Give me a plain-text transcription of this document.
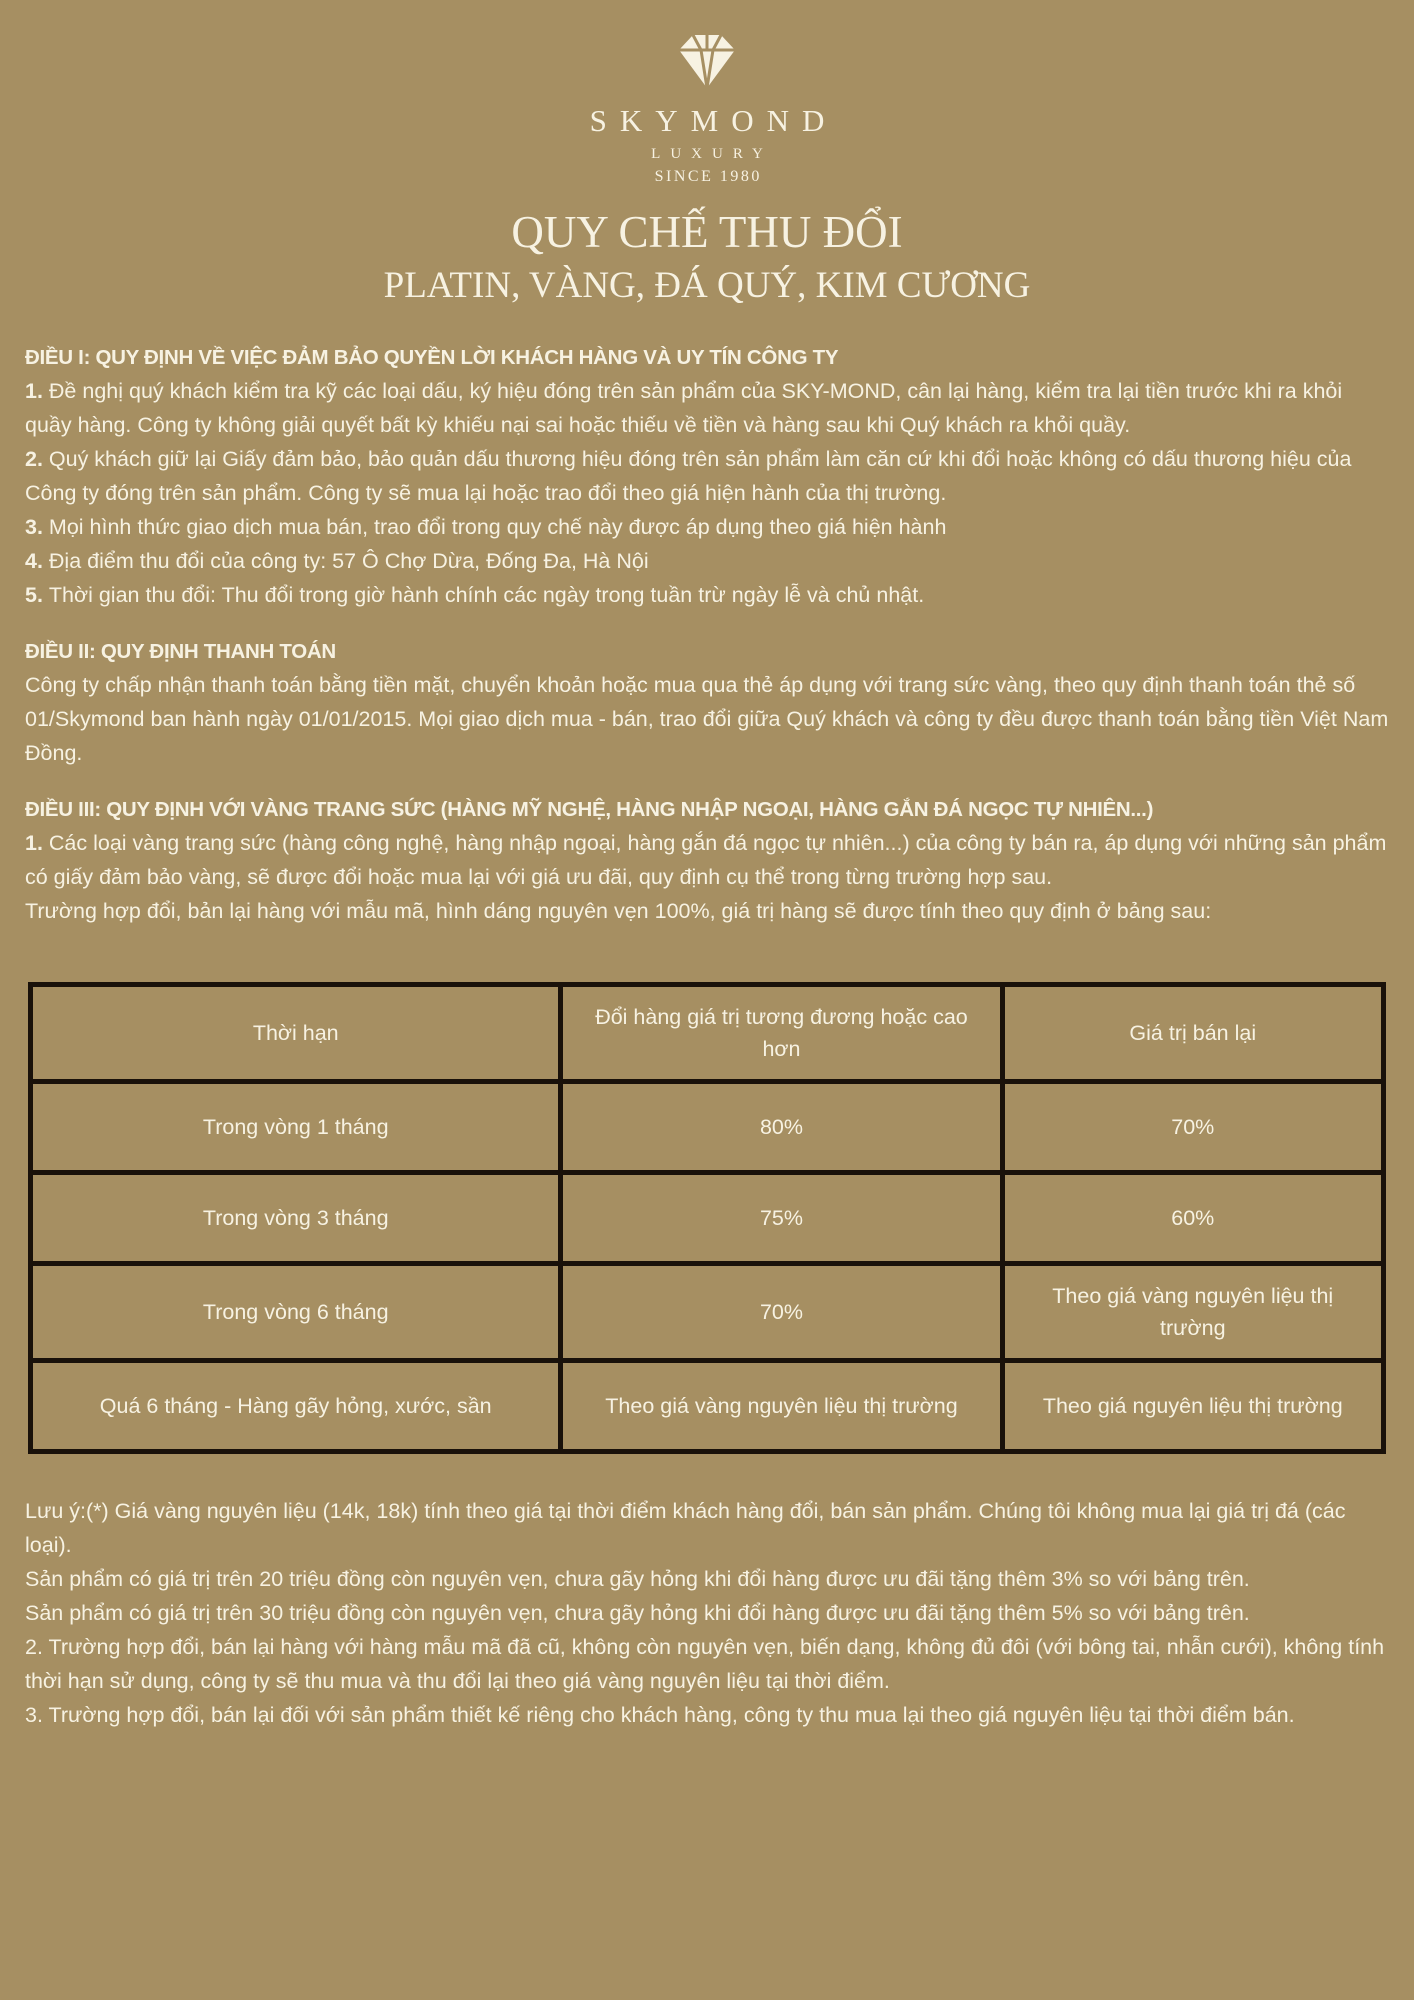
SKYMOND
LUXURY
SINCE 1980
QUY CHẾ THU ĐỔI
PLATIN, VÀNG, ĐÁ QUÝ, KIM CƯƠNG
ĐIỀU I: QUY ĐỊNH VỀ VIỆC ĐẢM BẢO QUYỀN LỜI KHÁCH HÀNG VÀ UY TÍN CÔNG TY

1. Đề nghị quý khách kiểm tra kỹ các loại dấu, ký hiệu đóng trên sản phẩm của SKY-MOND, cân lại hàng, kiểm tra lại tiền trước khi ra khỏi quầy hàng. Công ty không giải quyết bất kỳ khiếu nại sai hoặc thiếu về tiền và hàng sau khi Quý khách ra khỏi quầy.

2. Quý khách giữ lại Giấy đảm bảo, bảo quản dấu thương hiệu đóng trên sản phẩm làm căn cứ khi đổi hoặc không có dấu thương hiệu của Công ty đóng trên sản phẩm. Công ty sẽ mua lại hoặc trao đổi theo giá hiện hành của thị trường.

3. Mọi hình thức giao dịch mua bán, trao đổi trong quy chế này được áp dụng theo giá hiện hành

4. Địa điểm thu đổi của công ty: 57 Ô Chợ Dừa, Đống Đa, Hà Nội

5. Thời gian thu đổi: Thu đổi trong giờ hành chính các ngày trong tuần trừ ngày lễ và chủ nhật.

ĐIỀU II: QUY ĐỊNH THANH TOÁN

Công ty chấp nhận thanh toán bằng tiền mặt, chuyển khoản hoặc mua qua thẻ áp dụng với trang sức vàng, theo quy định thanh toán thẻ số 01/Skymond ban hành ngày 01/01/2015. Mọi giao dịch mua - bán, trao đổi giữa Quý khách và công ty đều được thanh toán bằng tiền Việt Nam Đồng.

ĐIỀU III: QUY ĐỊNH VỚI VÀNG TRANG SỨC (HÀNG MỸ NGHỆ, HÀNG NHẬP NGOẠI, HÀNG GẮN ĐÁ NGỌC TỰ NHIÊN...)

1. Các loại vàng trang sức (hàng công nghệ, hàng nhập ngoại, hàng gắn đá ngọc tự nhiên...) của công ty bán ra, áp dụng với những sản phẩm có giấy đảm bảo vàng, sẽ được đổi hoặc mua lại với giá ưu đãi, quy định cụ thể trong từng trường hợp sau.

Trường hợp đổi, bản lại hàng với mẫu mã, hình dáng nguyên vẹn 100%, giá trị hàng sẽ được tính theo quy định ở bảng sau:

Thời hạn	Đổi hàng giá trị tương đương hoặc cao hơn	Giá trị bán lại
Trong vòng 1 tháng	80%	70%
Trong vòng 3 tháng	75%	60%
Trong vòng 6 tháng	70%	Theo giá vàng nguyên liệu thị trường
Quá 6 tháng - Hàng gãy hỏng, xước, sần	Theo giá vàng nguyên liệu thị trường	Theo giá nguyên liệu thị trường

Lưu ý:(*) Giá vàng nguyên liệu (14k, 18k) tính theo giá tại thời điểm khách hàng đổi, bán sản phẩm. Chúng tôi không mua lại giá trị đá (các loại).

Sản phẩm có giá trị trên 20 triệu đồng còn nguyên vẹn, chưa gãy hỏng khi đổi hàng được ưu đãi tặng thêm 3% so với bảng trên.

Sản phẩm có giá trị trên 30 triệu đồng còn nguyên vẹn, chưa gãy hỏng khi đổi hàng được ưu đãi tặng thêm 5% so với bảng trên.

2. Trường hợp đổi, bán lại hàng với hàng mẫu mã đã cũ, không còn nguyên vẹn, biến dạng, không đủ đôi (với bông tai, nhẫn cưới), không tính thời hạn sử dụng, công ty sẽ thu mua và thu đổi lại theo giá vàng nguyên liệu tại thời điểm.

3. Trường hợp đổi, bán lại đối với sản phẩm thiết kế riêng cho khách hàng, công ty thu mua lại theo giá nguyên liệu tại thời điểm bán.
